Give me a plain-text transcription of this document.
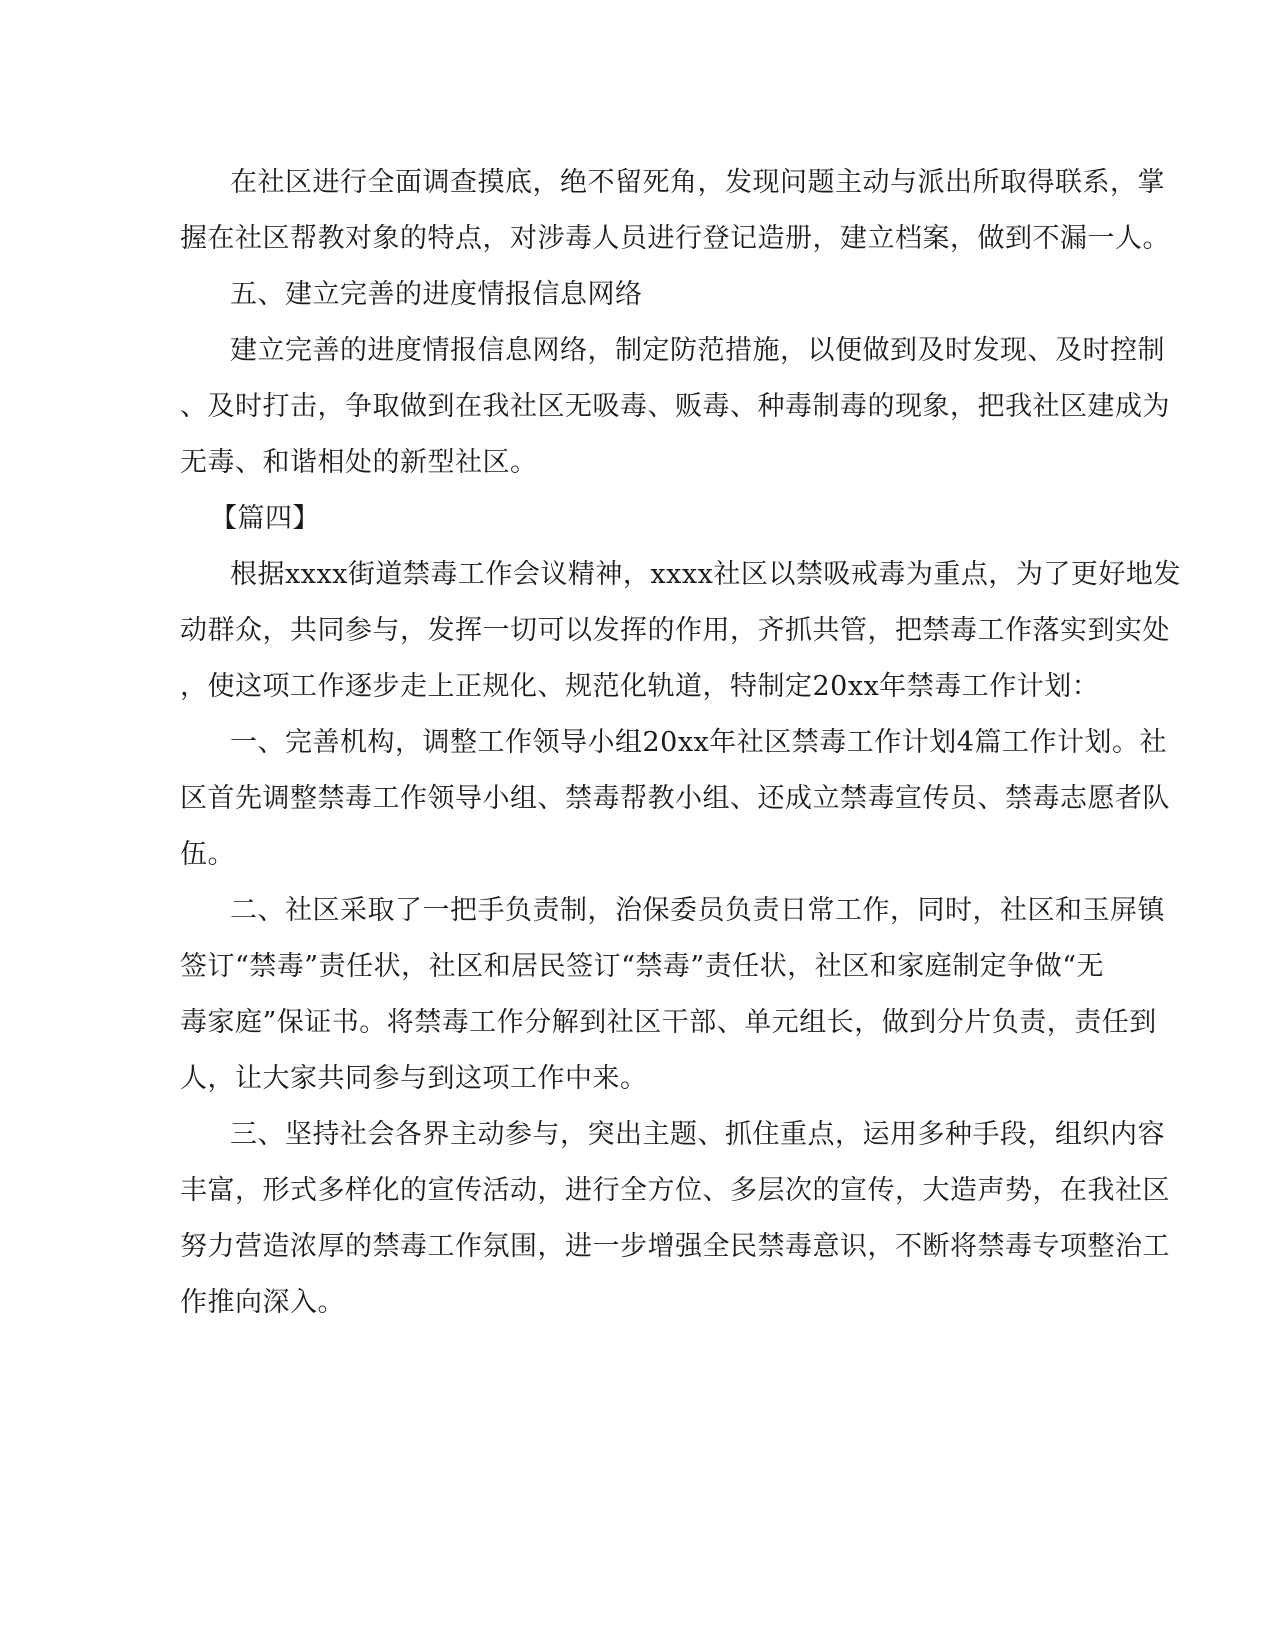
在社区进行全面调查摸底，绝不留死角，发现问题主动与派出所取得联系，掌
握在社区帮教对象的特点，对涉毒人员进行登记造册，建立档案，做到不漏一人。
五、建立完善的进度情报信息网络
建立完善的进度情报信息网络，制定防范措施，以便做到及时发现、及时控制
、及时打击，争取做到在我社区无吸毒、贩毒、种毒制毒的现象，把我社区建成为
无毒、和谐相处的新型社区。
【篇四】
根据xxxx街道禁毒工作会议精神，xxxx社区以禁吸戒毒为重点，为了更好地发
动群众，共同参与，发挥一切可以发挥的作用，齐抓共管，把禁毒工作落实到实处
，使这项工作逐步走上正规化、规范化轨道，特制定20xx年禁毒工作计划：
一、完善机构，调整工作领导小组20xx年社区禁毒工作计划4篇工作计划。社
区首先调整禁毒工作领导小组、禁毒帮教小组、还成立禁毒宣传员、禁毒志愿者队
伍。
二、社区采取了一把手负责制，治保委员负责日常工作，同时，社区和玉屏镇
签订“禁毒”责任状，社区和居民签订“禁毒”责任状，社区和家庭制定争做“无
毒家庭”保证书。将禁毒工作分解到社区干部、单元组长，做到分片负责，责任到
人，让大家共同参与到这项工作中来。
三、坚持社会各界主动参与，突出主题、抓住重点，运用多种手段，组织内容
丰富，形式多样化的宣传活动，进行全方位、多层次的宣传，大造声势，在我社区
努力营造浓厚的禁毒工作氛围，进一步增强全民禁毒意识，不断将禁毒专项整治工
作推向深入。
